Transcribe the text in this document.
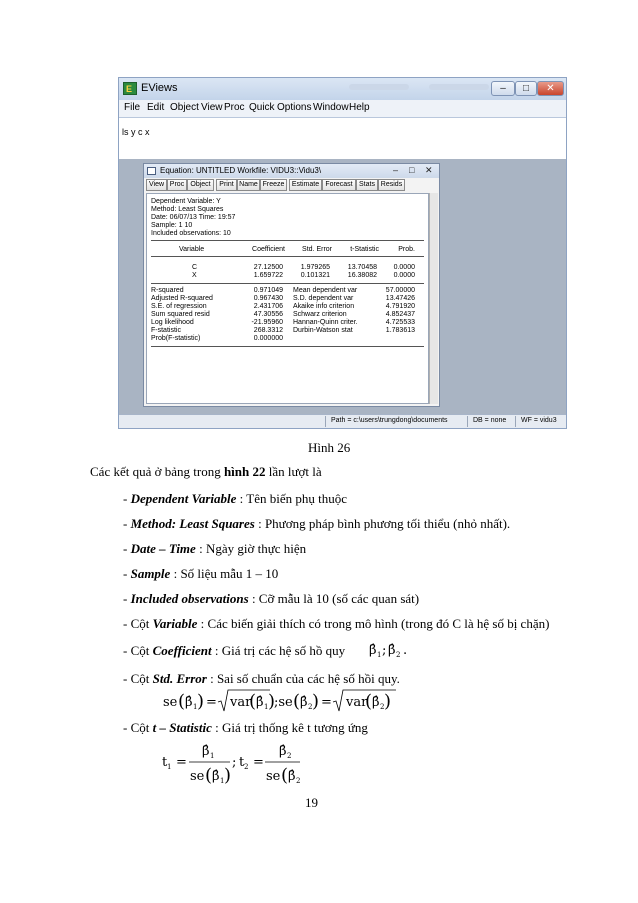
E EViews	–	□	✕
File Edit Object View Proc Quick Options Window Help
ls y c x
Equation: UNTITLED Workfile: VIDU3::Vidu3\	– □ ✕
View Proc Object	Print Name Freeze	Estimate Forecast Stats Resids
Dependent Variable: Y
Method: Least Squares
Date: 06/07/13 Time: 19:57
Sample: 1 10
Included observations: 10
Variable	Coefficient	Std. Error	t-Statistic	Prob.
C	27.12500	1.979265	13.70458	0.0000
X	1.659722	0.101321	16.38082	0.0000
R-squared	0.971049 Mean dependent var	57.00000
Adjusted R-squared	0.967430 S.D. dependent var	13.47426
S.E. of regression	2.431706 Akaike info criterion	4.791920
Sum squared resid	47.30556 Schwarz criterion	4.852437
Log likelihood	-21.95960 Hannan-Quinn criter.	4.725533
F-statistic	268.3312 Durbin-Watson stat	1.783613
Prob(F-statistic)	0.000000
Path = c:\users\trungdong\documents	DB = none WF = vidu3
Hình 26
Các kết quả ở bảng trong hình 22 lần lượt là
- Dependent Variable : Tên biến phụ thuộc
- Method: Least Squares : Phương pháp bình phương tối thiểu (nhỏ nhất).
- Date – Time : Ngày giờ thực hiện
- Sample : Số liệu mẫu 1 – 10
- Included observations : Cỡ mẫu là 10 (số các quan sát)
- Cột Variable : Các biến giải thích có trong mô hình (trong đó C là hệ số bị chặn)
- Cột Coefficient : Giá trị các hệ số hồ quy β̂ 1 ; β̂ 2 .
- Cột Std. Error : Sai số chuẩn của các hệ số hồi quy.
se ( β̂ 1 ) = var
( β̂ 1 )
;se ( β̂ 2 ) = var
( β̂ 2 )
- Cột t – Statistic : Giá trị thống kê t tương ứng
t 1 =
β̂ 1
se ( β̂ 1 )
; t 2 =
β̂ 2
se ( β̂ 2
19
